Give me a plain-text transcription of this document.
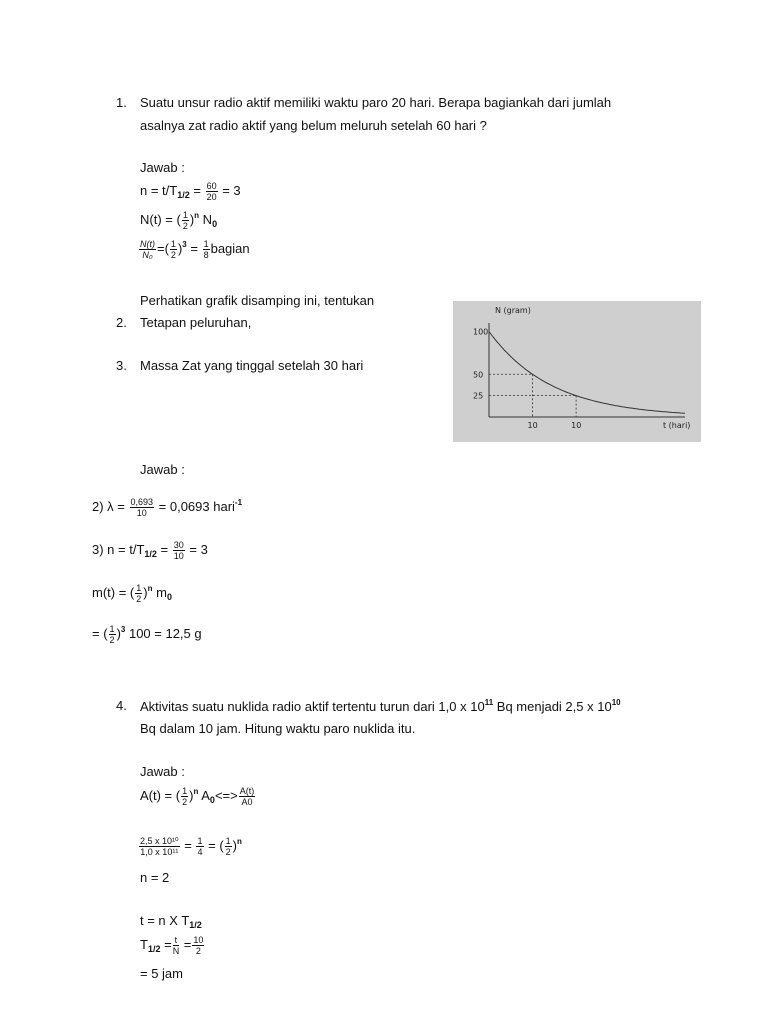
1. Suatu unsur radio aktif memiliki waktu paro 20 hari. Berapa bagiankah dari jumlah
asalnya zat radio aktif yang belum meluruh setelah 60 hari ?
Jawab :
$n = t/T_{1/2} = \frac{60}{20} = 3$
N(t) = ( $\frac{1}{2} )^n$ $N_0$
$\frac{N(t)}{\text{N₀}}$ =( $\frac{1}{2} )^3 = \frac{1}{8}$ bagian
Perhatikan grafik disamping ini, tentukan
2. Tetapan peluruhan,
3. Massa Zat yang tinggal setelah 30 hari
N (gram)
t (hari)
100
50
25
10	10
Jawab :
2) $\lambda = \frac{0,693}{10} = 0,0693$ hari$^{-1}$
3) $n = t/T_{1/2} = \frac{30}{10} = 3$
m(t) = ( $\frac{1}{2} )^n$ $m_0$
= ( $\frac{1}{2} )^3$ 100 = 12,5 g
4. Aktivitas suatu nuklida radio aktif tertentu turun dari 1,0 x $10^{11}$ Bq menjadi 2,5 x $10^{10}$
Bq dalam 10 jam. Hitung waktu paro nuklida itu.
Jawab :
A(t) = ( $\frac{1}{2} )^n$ $A_0<=> \frac{A(t)}{A0}$
$\frac{\text{2,5 x 10¹⁰}}{\text{1,0 x 10¹¹}} = \frac{1}{4}$ = ( $\frac{1}{2} )^n$
n = 2
t = n X $T_{1/2}$
$T_{1/2} = \frac{t}{N} = \frac{10}{2}$
= 5 jam
